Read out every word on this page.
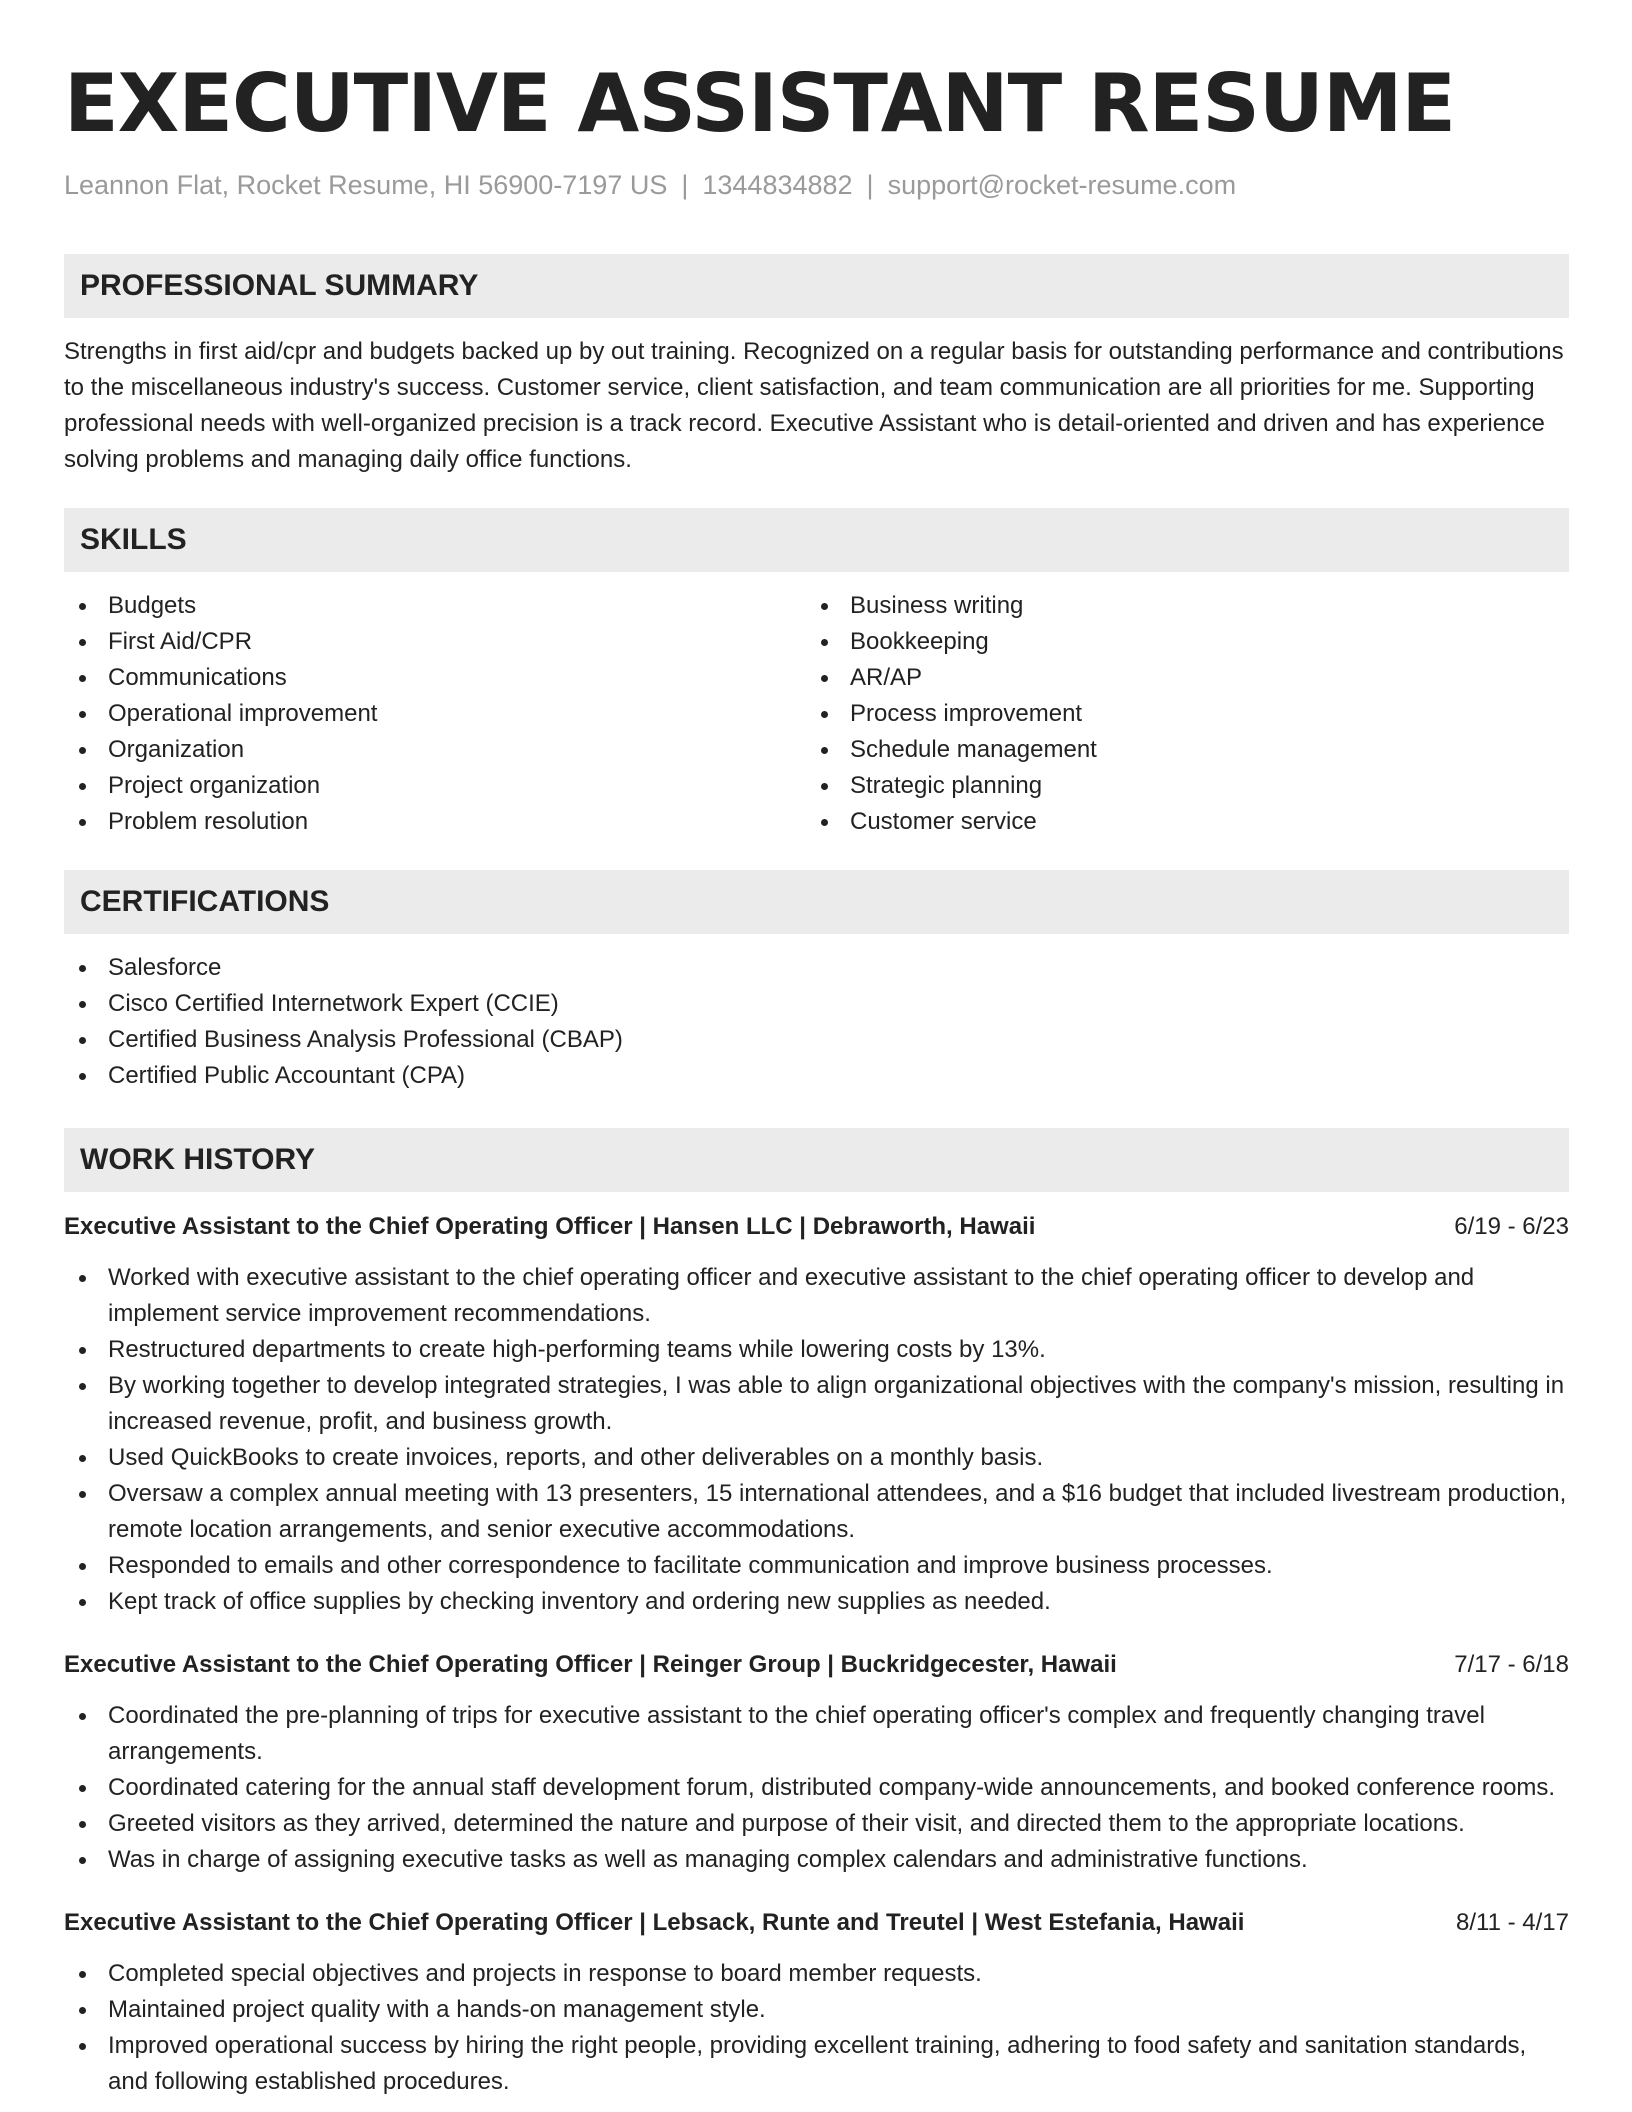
EXECUTIVE ASSISTANT RESUME
Leannon Flat, Rocket Resume, HI 56900-7197 US | 1344834882 | support@rocket-resume.com
PROFESSIONAL SUMMARY

Strengths in first aid/cpr and budgets backed up by out training. Recognized on a regular basis for outstanding performance and contributions to the miscellaneous industry's success. Customer service, client satisfaction, and team communication are all priorities for me. Supporting professional needs with well-organized precision is a track record. Executive Assistant who is detail-oriented and driven and has experience solving problems and managing daily office functions.

SKILLS
Budgets
First Aid/CPR
Communications
Operational improvement
Organization
Project organization
Problem resolution
Business writing
Bookkeeping
AR/AP
Process improvement
Schedule management
Strategic planning
Customer service
CERTIFICATIONS
Salesforce
Cisco Certified Internetwork Expert (CCIE)
Certified Business Analysis Professional (CBAP)
Certified Public Accountant (CPA)
WORK HISTORY
Executive Assistant to the Chief Operating Officer | Hansen LLC | Debraworth, Hawaii	6/19 - 6/23
Worked with executive assistant to the chief operating officer and executive assistant to the chief operating officer to develop and implement service improvement recommendations.
Restructured departments to create high-performing teams while lowering costs by 13%.
By working together to develop integrated strategies, I was able to align organizational objectives with the company's mission, resulting in increased revenue, profit, and business growth.
Used QuickBooks to create invoices, reports, and other deliverables on a monthly basis.
Oversaw a complex annual meeting with 13 presenters, 15 international attendees, and a $16 budget that included livestream production, remote location arrangements, and senior executive accommodations.
Responded to emails and other correspondence to facilitate communication and improve business processes.
Kept track of office supplies by checking inventory and ordering new supplies as needed.
Executive Assistant to the Chief Operating Officer | Reinger Group | Buckridgecester, Hawaii	7/17 - 6/18
Coordinated the pre-planning of trips for executive assistant to the chief operating officer's complex and frequently changing travel arrangements.
Coordinated catering for the annual staff development forum, distributed company-wide announcements, and booked conference rooms.
Greeted visitors as they arrived, determined the nature and purpose of their visit, and directed them to the appropriate locations.
Was in charge of assigning executive tasks as well as managing complex calendars and administrative functions.
Executive Assistant to the Chief Operating Officer | Lebsack, Runte and Treutel | West Estefania, Hawaii	8/11 - 4/17
Completed special objectives and projects in response to board member requests.
Maintained project quality with a hands-on management style.
Improved operational success by hiring the right people, providing excellent training, adhering to food safety and sanitation standards, and following established procedures.
